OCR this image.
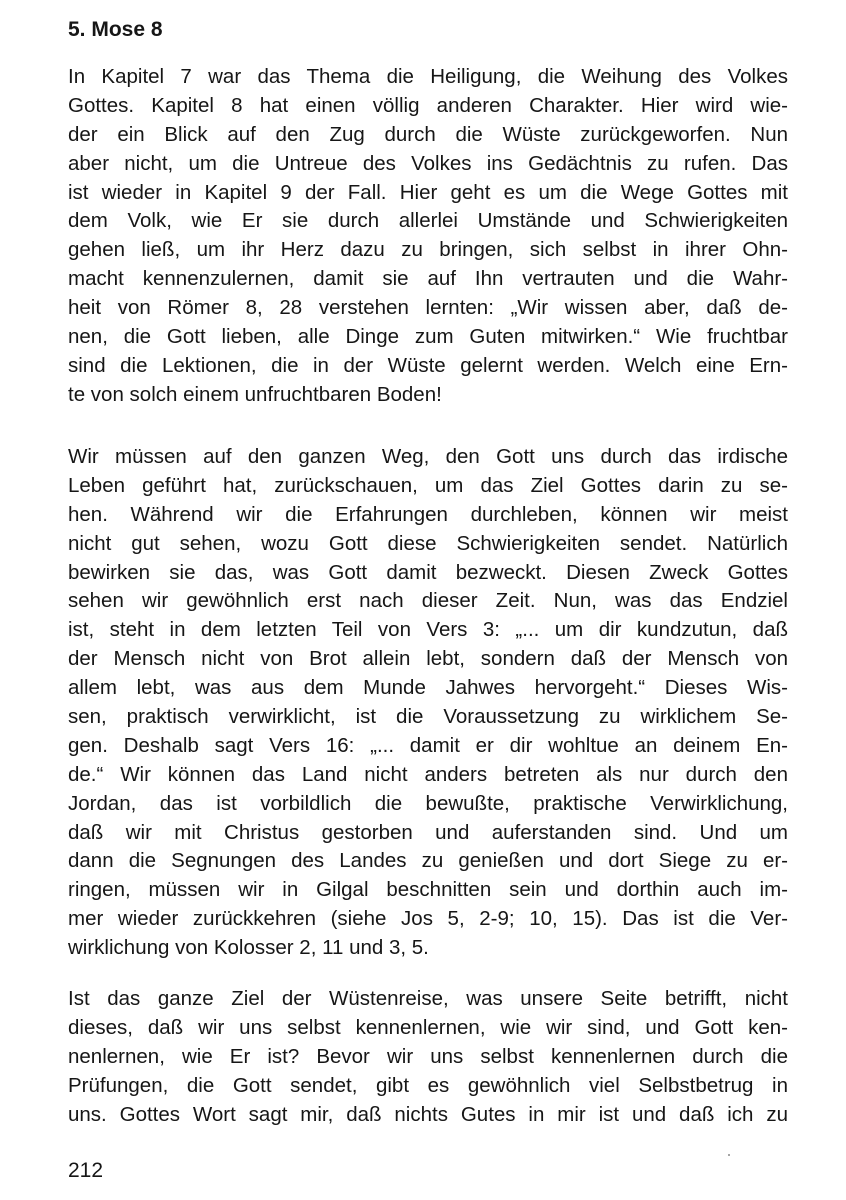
5. Mose 8
In Kapitel 7 war das Thema die Heiligung, die Weihung des Volkes
Gottes. Kapitel 8 hat einen völlig anderen Charakter. Hier wird wie-
der ein Blick auf den Zug durch die Wüste zurückgeworfen. Nun
aber nicht, um die Untreue des Volkes ins Gedächtnis zu rufen. Das
ist wieder in Kapitel 9 der Fall. Hier geht es um die Wege Gottes mit
dem Volk, wie Er sie durch allerlei Umstände und Schwierigkeiten
gehen ließ, um ihr Herz dazu zu bringen, sich selbst in ihrer Ohn-
macht kennenzulernen, damit sie auf Ihn vertrauten und die Wahr-
heit von Römer 8, 28 verstehen lernten: „Wir wissen aber, daß de-
nen, die Gott lieben, alle Dinge zum Guten mitwirken.“ Wie fruchtbar
sind die Lektionen, die in der Wüste gelernt werden. Welch eine Ern-
te von solch einem unfruchtbaren Boden!
Wir müssen auf den ganzen Weg, den Gott uns durch das irdische
Leben geführt hat, zurückschauen, um das Ziel Gottes darin zu se-
hen. Während wir die Erfahrungen durchleben, können wir meist
nicht gut sehen, wozu Gott diese Schwierigkeiten sendet. Natürlich
bewirken sie das, was Gott damit bezweckt. Diesen Zweck Gottes
sehen wir gewöhnlich erst nach dieser Zeit. Nun, was das Endziel
ist, steht in dem letzten Teil von Vers 3: „... um dir kundzutun, daß
der Mensch nicht von Brot allein lebt, sondern daß der Mensch von
allem lebt, was aus dem Munde Jahwes hervorgeht.“ Dieses Wis-
sen, praktisch verwirklicht, ist die Voraussetzung zu wirklichem Se-
gen. Deshalb sagt Vers 16: „... damit er dir wohltue an deinem En-
de.“ Wir können das Land nicht anders betreten als nur durch den
Jordan, das ist vorbildlich die bewußte, praktische Verwirklichung,
daß wir mit Christus gestorben und auferstanden sind. Und um
dann die Segnungen des Landes zu genießen und dort Siege zu er-
ringen, müssen wir in Gilgal beschnitten sein und dorthin auch im-
mer wieder zurückkehren (siehe Jos 5, 2-9; 10, 15). Das ist die Ver-
wirklichung von Kolosser 2, 11 und 3, 5.
Ist das ganze Ziel der Wüstenreise, was unsere Seite betrifft, nicht
dieses, daß wir uns selbst kennenlernen, wie wir sind, und Gott ken-
nenlernen, wie Er ist? Bevor wir uns selbst kennenlernen durch die
Prüfungen, die Gott sendet, gibt es gewöhnlich viel Selbstbetrug in
uns. Gottes Wort sagt mir, daß nichts Gutes in mir ist und daß ich zu
212
